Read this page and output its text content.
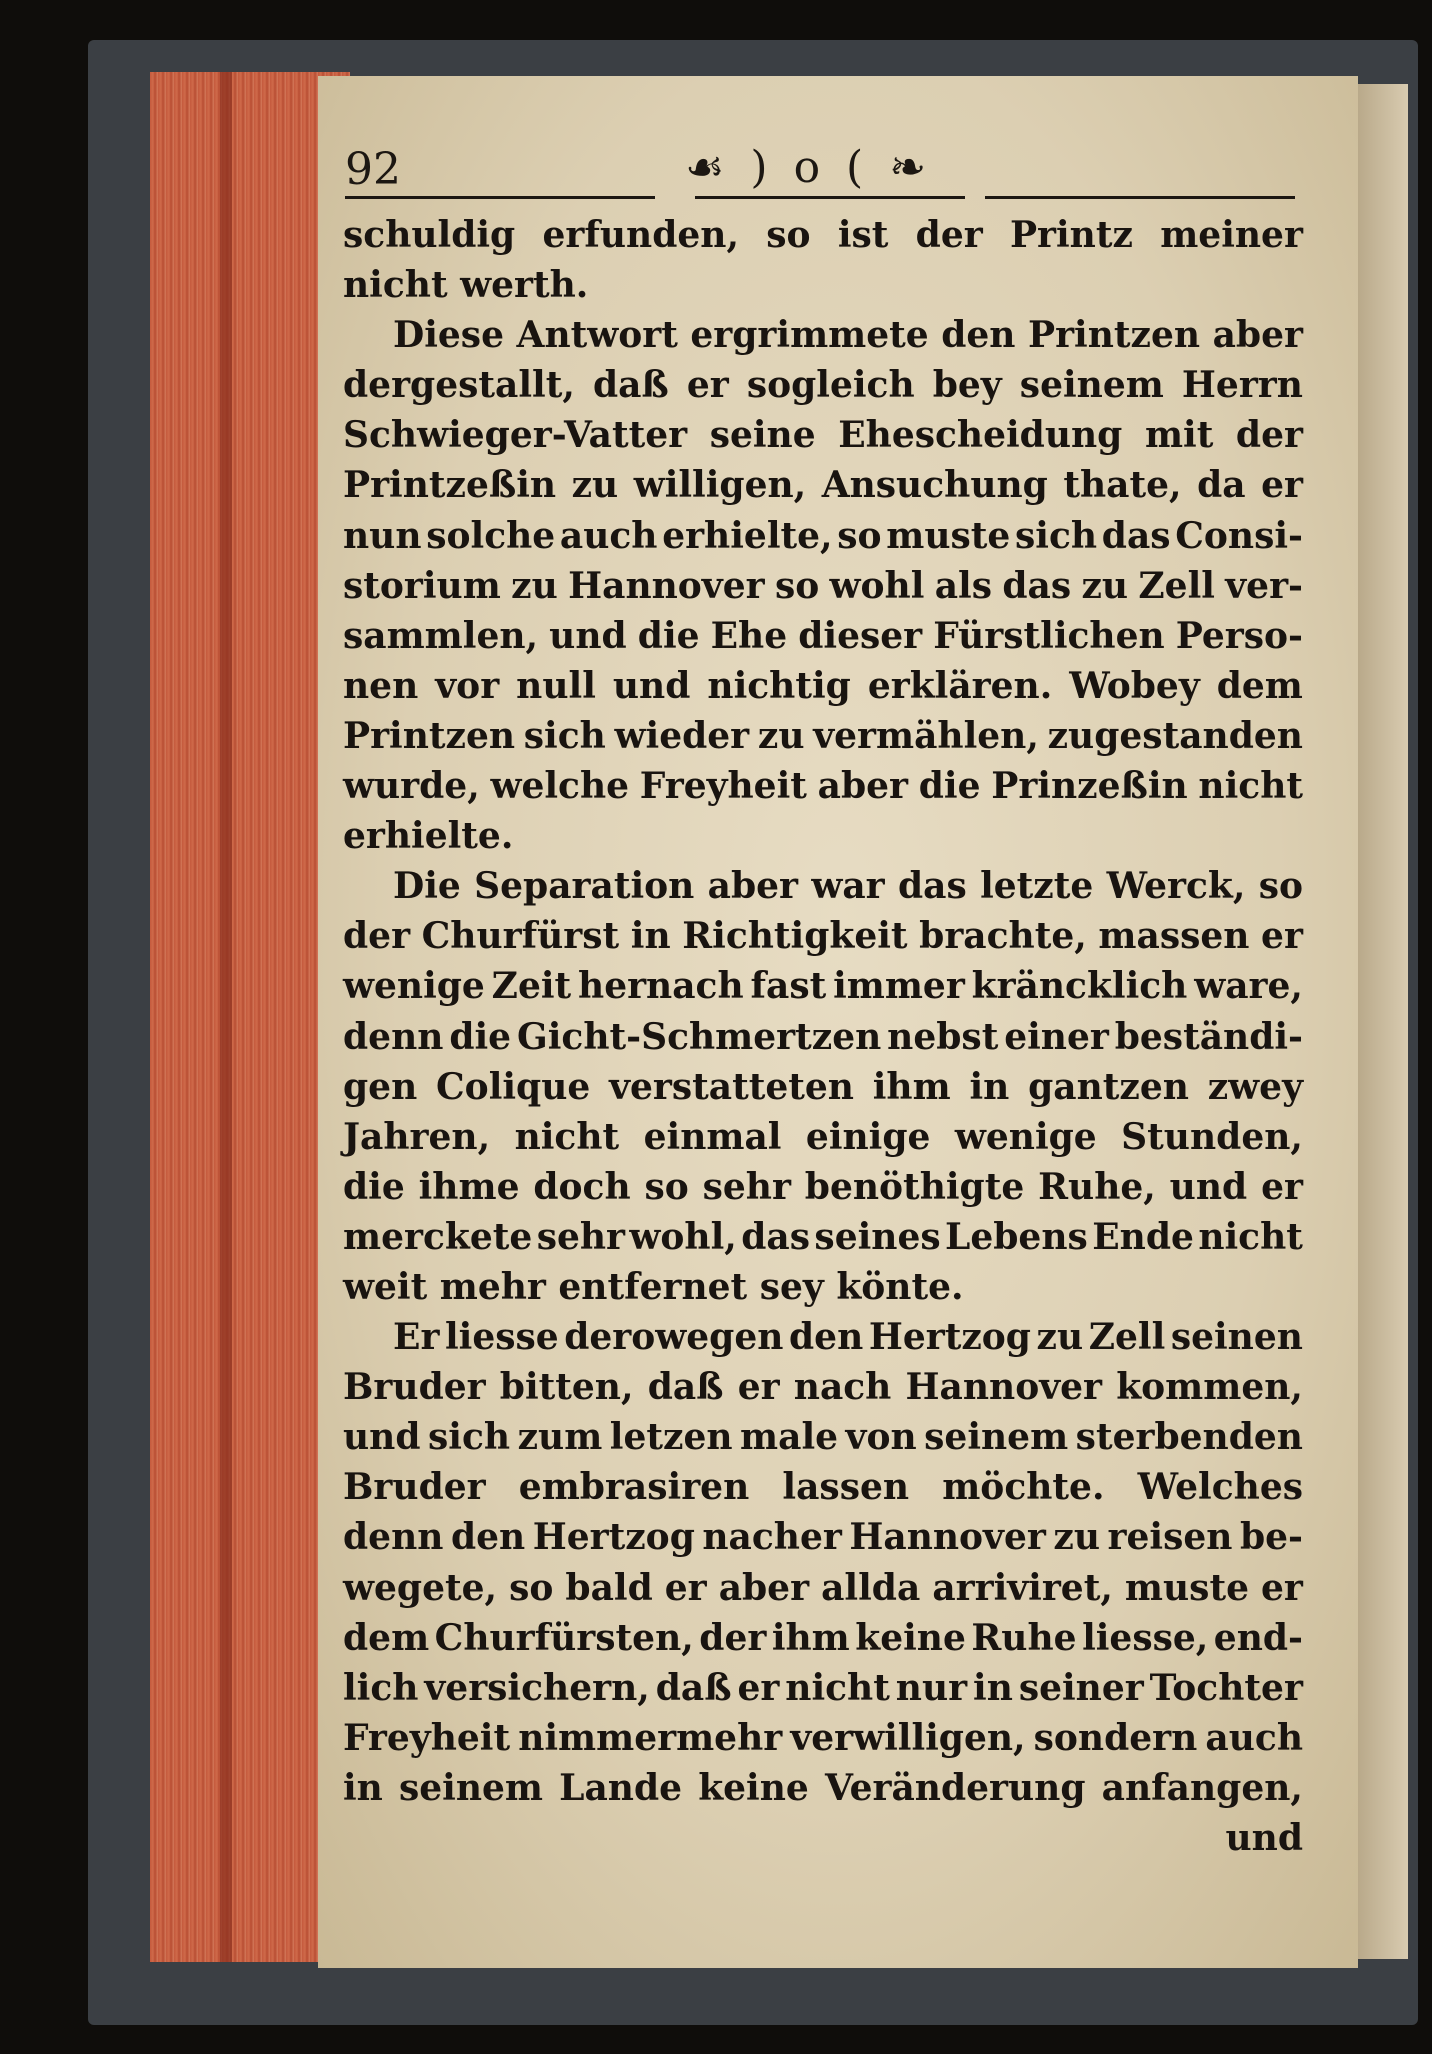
92	☙ ) o ( ❧
schuldig erfunden, so ist der Printz meiner
nicht werth.
Diese Antwort ergrimmete den Printzen aber
dergestallt, daß er sogleich bey seinem Herrn
Schwieger-Vatter seine Ehescheidung mit der
Printzeßin zu willigen, Ansuchung thate, da er
nun solche auch erhielte, so muste sich das Consi-
storium zu Hannover so wohl als das zu Zell ver-
sammlen, und die Ehe dieser Fürstlichen Perso-
nen vor null und nichtig erklären. Wobey dem
Printzen sich wieder zu vermählen, zugestanden
wurde, welche Freyheit aber die Prinzeßin nicht
erhielte.
Die Separation aber war das letzte Werck, so
der Churfürst in Richtigkeit brachte, massen er
wenige Zeit hernach fast immer kräncklich ware,
denn die Gicht-Schmertzen nebst einer beständi-
gen Colique verstatteten ihm in gantzen zwey
Jahren, nicht einmal einige wenige Stunden,
die ihme doch so sehr benöthigte Ruhe, und er
merckete sehr wohl, das seines Lebens Ende nicht
weit mehr entfernet sey könte.
Er liesse derowegen den Hertzog zu Zell seinen
Bruder bitten, daß er nach Hannover kommen,
und sich zum letzen male von seinem sterbenden
Bruder embrasiren lassen möchte. Welches
denn den Hertzog nacher Hannover zu reisen be-
wegete, so bald er aber allda arriviret, muste er
dem Churfürsten, der ihm keine Ruhe liesse, end-
lich versichern, daß er nicht nur in seiner Tochter
Freyheit nimmermehr verwilligen, sondern auch
in seinem Lande keine Veränderung anfangen,
und
